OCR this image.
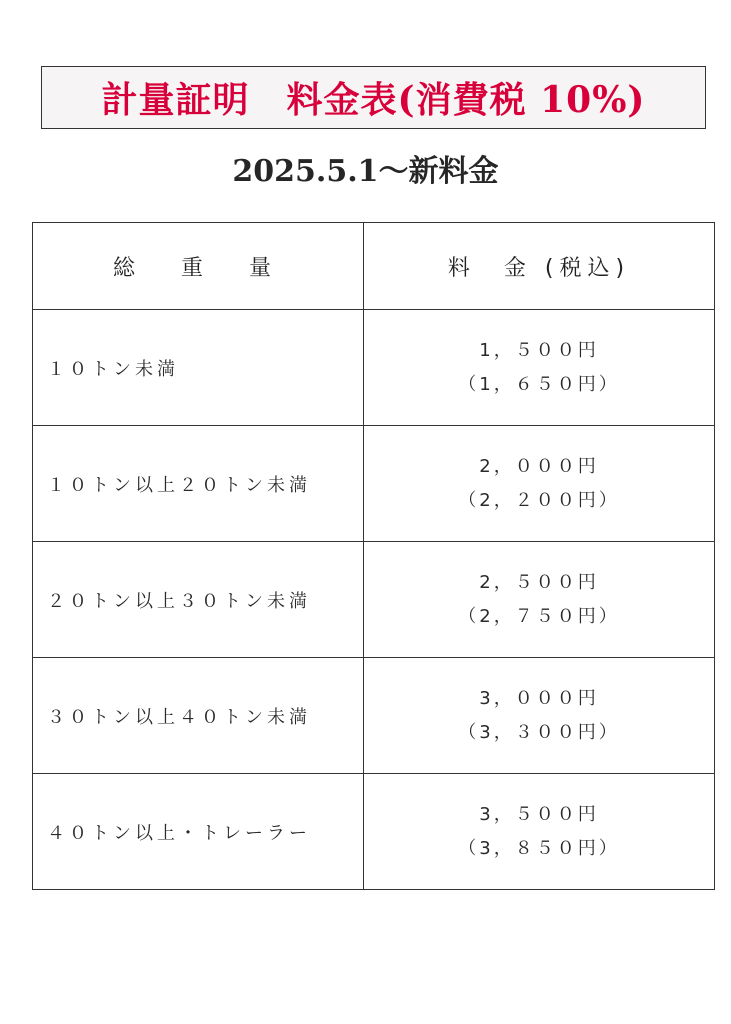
計量証明　料金表(消費税 10%)
2025.5.1〜新料金
総　重　量	料　金 (税込)
１０トン未満	1，５００円
（1，６５０円）

１０トン以上２０トン未満	2，０００円
（2，２００円）

２０トン以上３０トン未満	2，５００円
（2，７５０円）

３０トン以上４０トン未満	3，０００円
（3，３００円）

４０トン以上・トレーラー	3，５００円
（3，８５０円）
